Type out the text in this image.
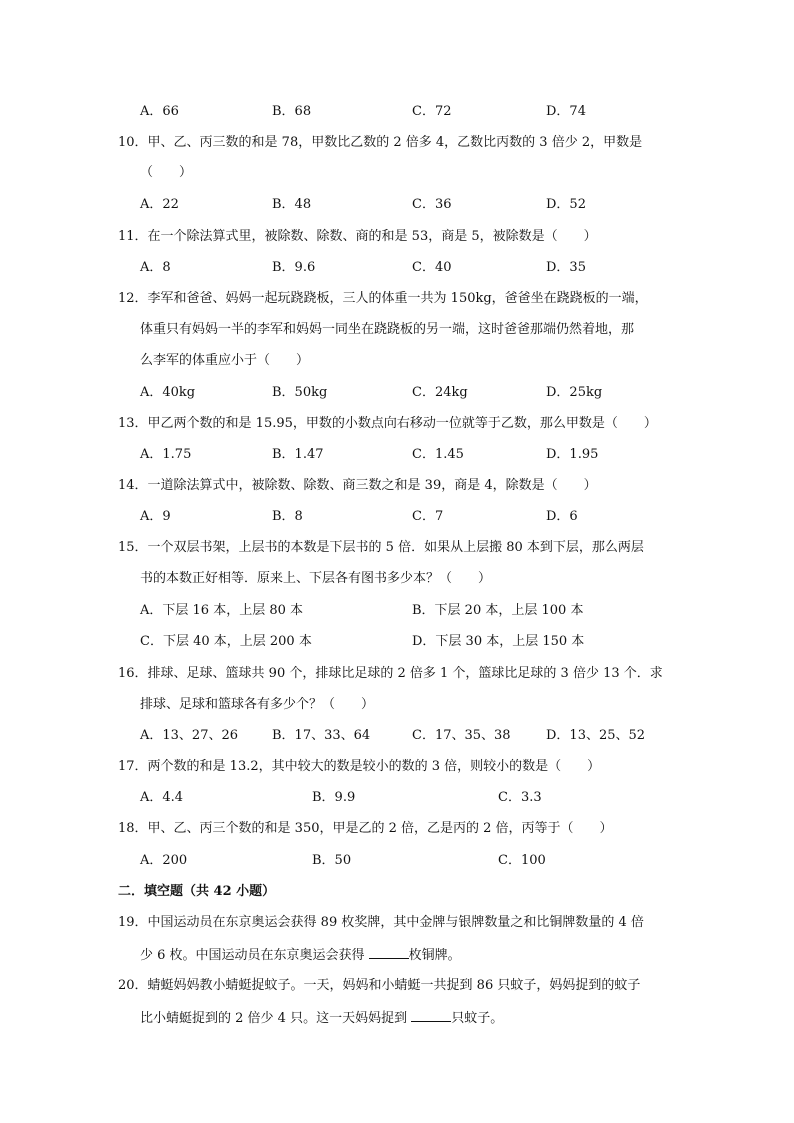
A．66	B．68	C．72	D．74
10．甲、乙、丙三数的和是 78，甲数比乙数的 2 倍多 4，乙数比丙数的 3 倍少 2，甲数是
（　　）
A．22	B．48	C．36	D．52
11．在一个除法算式里，被除数、除数、商的和是 53，商是 5，被除数是（　　）
A．8	B．9.6	C．40	D．35
12．李军和爸爸、妈妈一起玩跷跷板，三人的体重一共为 150kg，爸爸坐在跷跷板的一端，
体重只有妈妈一半的李军和妈妈一同坐在跷跷板的另一端，这时爸爸那端仍然着地，那
么李军的体重应小于（　　）
A．40kg	B．50kg	C．24kg	D．25kg
13．甲乙两个数的和是 15.95，甲数的小数点向右移动一位就等于乙数，那么甲数是（　　）
A．1.75	B．1.47	C．1.45	D．1.95
14．一道除法算式中，被除数、除数、商三数之和是 39，商是 4，除数是（　　）
A．9	B．8	C．7	D．6
15．一个双层书架，上层书的本数是下层书的 5 倍．如果从上层搬 80 本到下层，那么两层
书的本数正好相等．原来上、下层各有图书多少本？（　　）
A．下层 16 本，上层 80 本	B．下层 20 本，上层 100 本
C．下层 40 本，上层 200 本	D．下层 30 本，上层 150 本
16．排球、足球、篮球共 90 个，排球比足球的 2 倍多 1 个，篮球比足球的 3 倍少 13 个．求
排球、足球和篮球各有多少个？（　　）
A．13、27、26	B．17、33、64	C．17、35、38	D．13、25、52
17．两个数的和是 13.2，其中较大的数是较小的数的 3 倍，则较小的数是（　　）
A．4.4	B．9.9	C．3.3
18．甲、乙、丙三个数的和是 350，甲是乙的 2 倍，乙是丙的 2 倍，丙等于（　　）
A．200	B．50	C．100
二．填空题（共 42 小题）
19．中国运动员在东京奥运会获得 89 枚奖牌，其中金牌与银牌数量之和比铜牌数量的 4 倍
少 6 枚。中国运动员在东京奥运会获得	枚铜牌。
20．蜻蜓妈妈教小蜻蜓捉蚊子。一天，妈妈和小蜻蜓一共捉到 86 只蚊子，妈妈捉到的蚊子
比小蜻蜓捉到的 2 倍少 4 只。这一天妈妈捉到	只蚊子。
